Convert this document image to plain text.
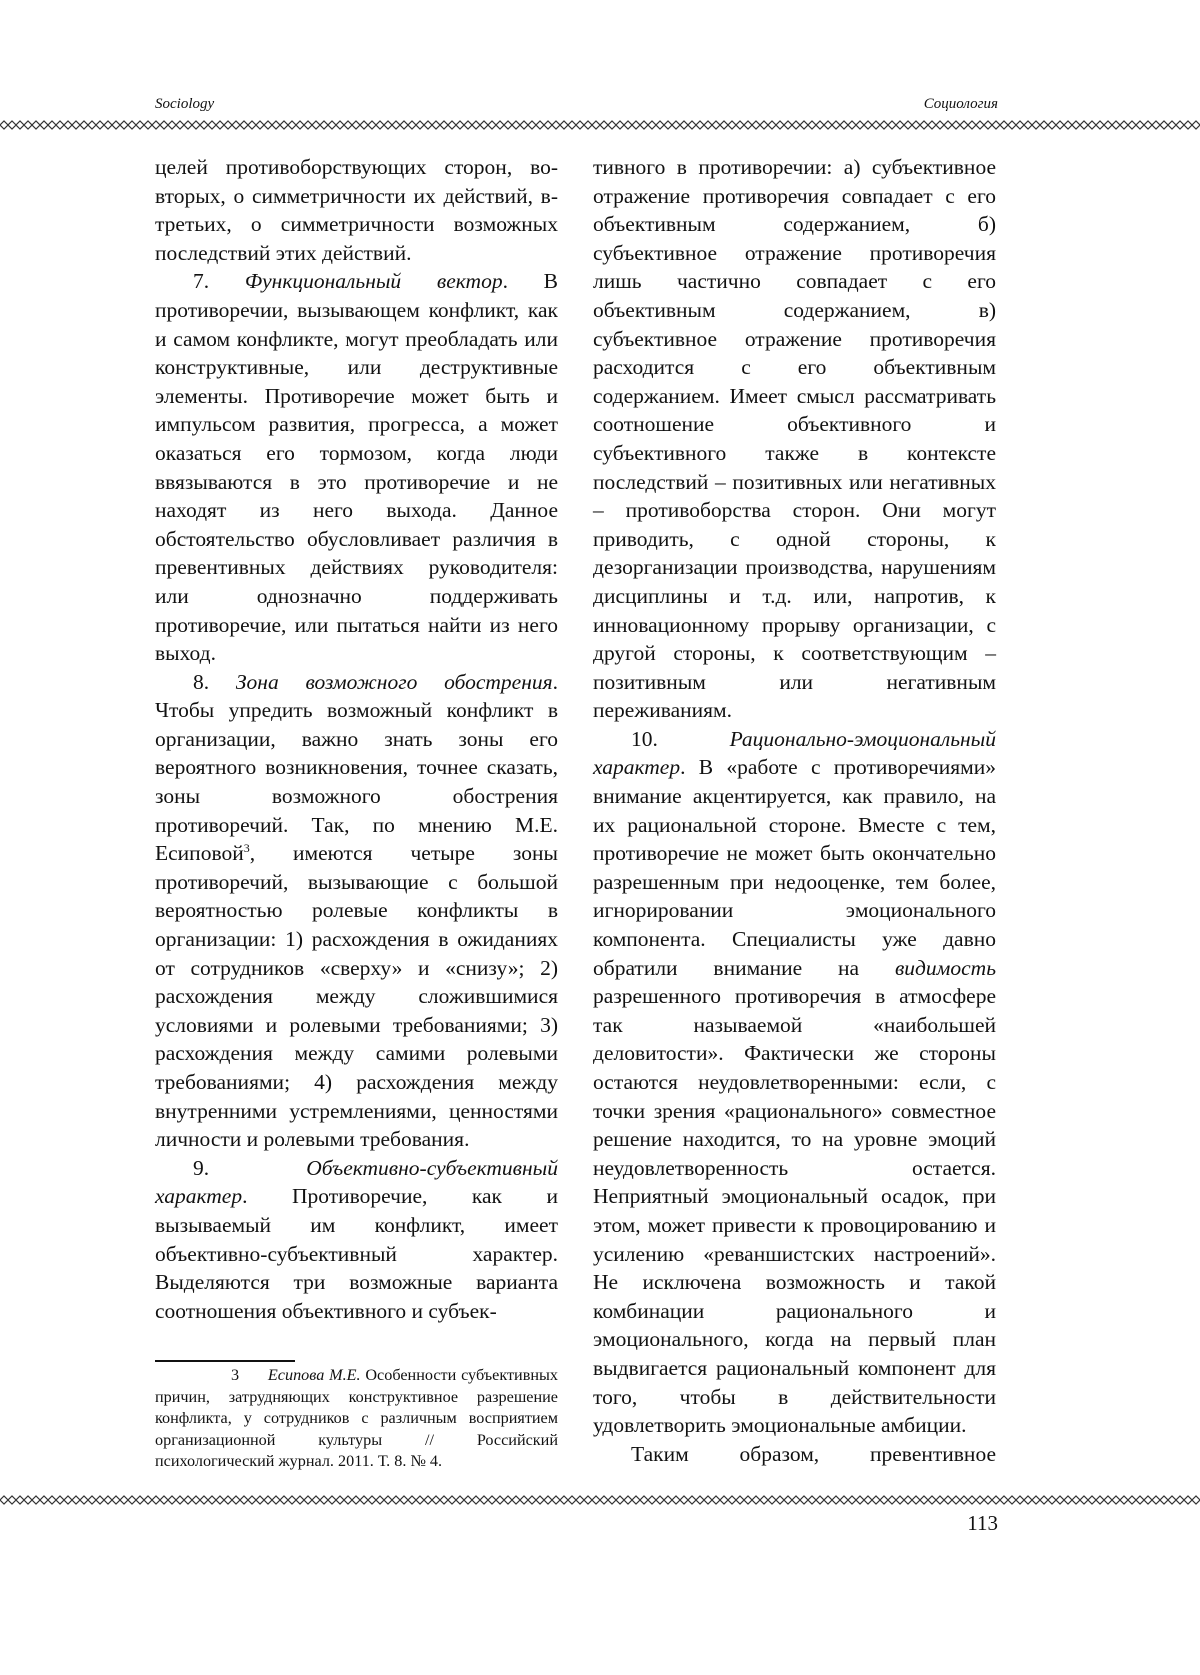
Sociology	Социология

целей противоборствующих сторон, во-вторых, о симметричности их действий, в-третьих, о симметричности возможных последствий этих действий.

7. Функциональный вектор. В противоречии, вызывающем конфликт, как и самом конфликте, могут преобладать или конструктивные, или деструктивные элементы. Противоречие может быть и импульсом развития, прогресса, а может оказаться его тормозом, когда люди ввязываются в это противоречие и не находят из него выхода. Данное обстоятельство обусловливает различия в превентивных действиях руководителя: или однозначно поддерживать противоречие, или пытаться найти из него выход.

8. Зона возможного обострения. Чтобы упредить возможный конфликт в организации, важно знать зоны его вероятного возникновения, точнее сказать, зоны возможного обострения противоречий. Так, по мнению М.Е. Есиповой$^3$, имеются четыре зоны противоречий, вызывающие с большой вероятностью ролевые конфликты в организации: 1) расхождения в ожиданиях от сотрудников «сверху» и «снизу»; 2) расхождения между сложившимися условиями и ролевыми требованиями; 3) расхождения между самими ролевыми требованиями; 4) расхождения между внутренними устремлениями, ценностями личности и ролевыми требования.

9. Объективно-субъективный характер. Противоречие, как и вызываемый им конфликт, имеет объективно-субъективный характер. Выделяются три возможные варианта соотношения объективного и субъек-

3 Есипова М.Е. Особенности субъективных причин, затрудняющих конструктивное разрешение конфликта, у сотрудников с различным восприятием организационной культуры // Российский психологический журнал. 2011. Т. 8. № 4.

тивного в противоречии: а) субъективное отражение противоречия совпадает с его объективным содержанием, б) субъективное отражение противоречия лишь частично совпадает с его объективным содержанием, в) субъективное отражение противоречия расходится с его объективным содержанием. Имеет смысл рассматривать соотношение объективного и субъективного также в контексте последствий – позитивных или негативных – противоборства сторон. Они могут приводить, с одной стороны, к дезорганизации производства, нарушениям дисциплины и т.д. или, напротив, к инновационному прорыву организации, с другой стороны, к соответствующим – позитивным или негативным переживаниям.

10. Рационально-эмоциональный характер. В «работе с противоречиями» внимание акцентируется, как правило, на их рациональной стороне. Вместе с тем, противоречие не может быть окончательно разрешенным при недооценке, тем более, игнорировании эмоционального компонента. Специалисты уже давно обратили внимание на видимость разрешенного противоречия в атмосфере так называемой «наибольшей деловитости». Фактически же стороны остаются неудовлетворенными: если, с точки зрения «рационального» совместное решение находится, то на уровне эмоций неудовлетворенность остается. Неприятный эмоциональный осадок, при этом, может привести к провоцированию и усилению «реваншистских настроений». Не исключена возможность и такой комбинации рационального и эмоционального, когда на первый план выдвигается рациональный компонент для того, чтобы в действительности удовлетворить эмоциональные амбиции.

Таким образом, превентивное

113
